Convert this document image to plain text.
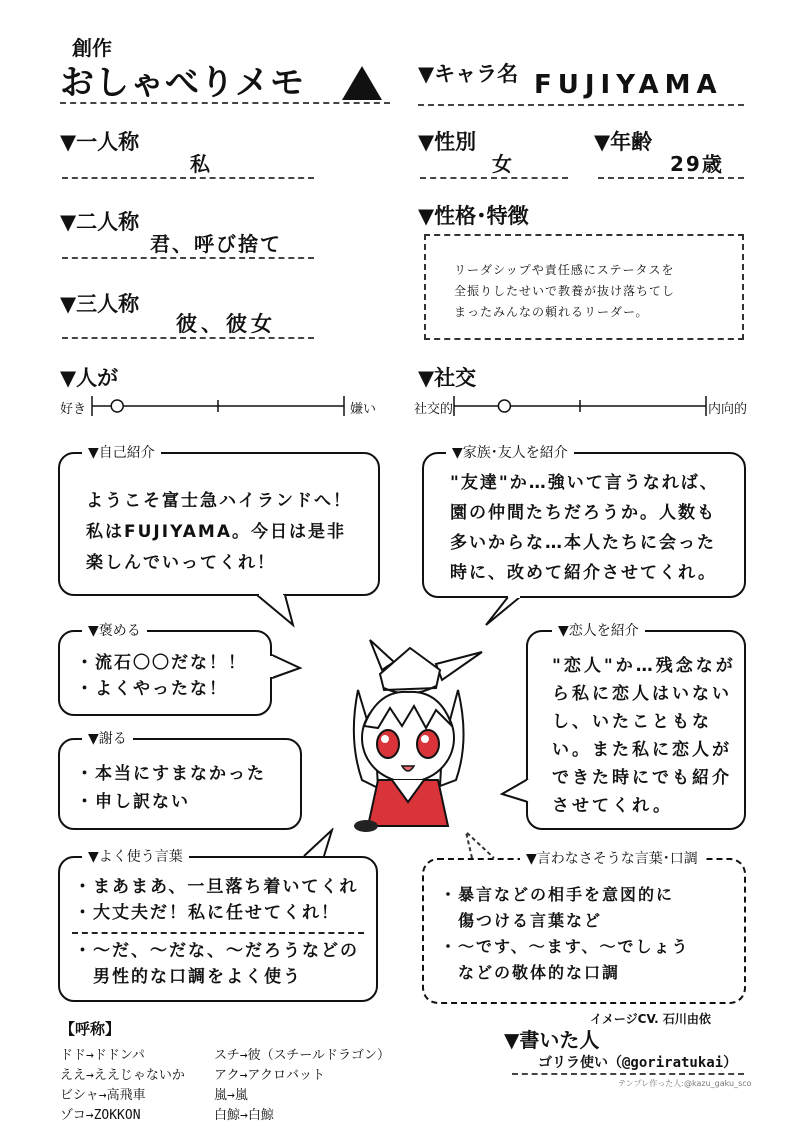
創作
おしゃべりメモ	▼キャラ名 FUJIYAMA
▼一人称
私
▼二人称
君、呼び捨て
▼三人称
彼、彼女
▼性別
女
▼年齢
29歳
▼性格･特徴
リーダシップや責任感にステータスを
全振りしたせいで教養が抜け落ちてし
まったみんなの頼れるリーダー。
▼人が
好き	嫌い
▼社交
社交的	内向的
▼自己紹介
ようこそ富士急ハイランドへ！
私はFUJIYAMA。今日は是非
楽しんでいってくれ！
▼家族･友人を紹介
"友達"か…強いて言うなれば、
園の仲間たちだろうか。人数も
多いからな…本人たちに会った
時に、改めて紹介させてくれ。
▼褒める
・流石〇〇だな！！
・よくやったな！
▼謝る
・本当にすまなかった
・申し訳ない
▼恋人を紹介
"恋人"か…残念なが
ら私に恋人はいない
し、いたこともな
い。また私に恋人が
できた時にでも紹介
させてくれ。
▼よく使う言葉
・まあまあ、一旦落ち着いてくれ
・大丈夫だ！私に任せてくれ！
・～だ、～だな、～だろうなどの
　男性的な口調をよく使う
▼言わなさそうな言葉･口調
・暴言などの相手を意図的に
　傷つける言葉など
・～です、～ます、～でしょう
　などの敬体的な口調
【呼称】
ドド→ドドンパ
ええ→ええじゃないか
ビシャ→高飛車
ゾコ→ZOKKON
スチ→彼（スチールドラゴン）
アク→アクロバット
嵐→嵐
白鯨→白鯨
イメージCV. 石川由依
▼書いた人
ゴリラ使い（@goriratukai）
テンプレ作った人:@kazu_gaku_sco
